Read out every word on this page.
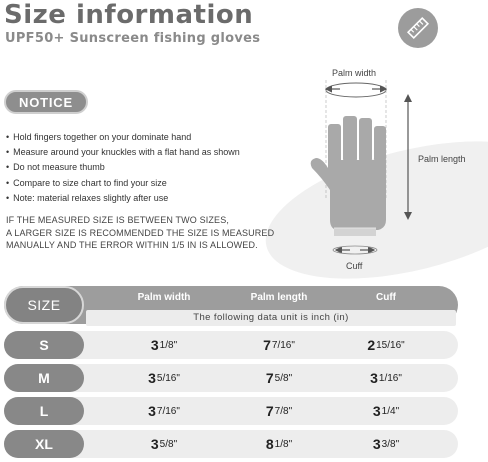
Size information
UPF50+ Sunscreen fishing gloves
NOTICE
• Hold fingers together on your dominate hand
• Measure around your knuckles with a flat hand as shown
• Do not measure thumb
• Compare to size chart to find your size
• Note: material relaxes slightly after use
IF THE MEASURED SIZE IS BETWEEN TWO SIZES,
A LARGER SIZE IS RECOMMENDED THE SIZE IS MEASURED
MANUALLY AND THE ERROR WITHIN 1/5 IN IS ALLOWED.
Palm width
Palm length
Cuff
SIZE	Palm width	Palm length	Cuff
The following data unit is inch (in)
S	3 1/8"	7 7/16"	2 15/16"
M	3 5/16"	7 5/8"	3 1/16"
L	3 7/16"	7 7/8"	3 1/4"
XL	3 5/8"	8 1/8"	3 3/8"
